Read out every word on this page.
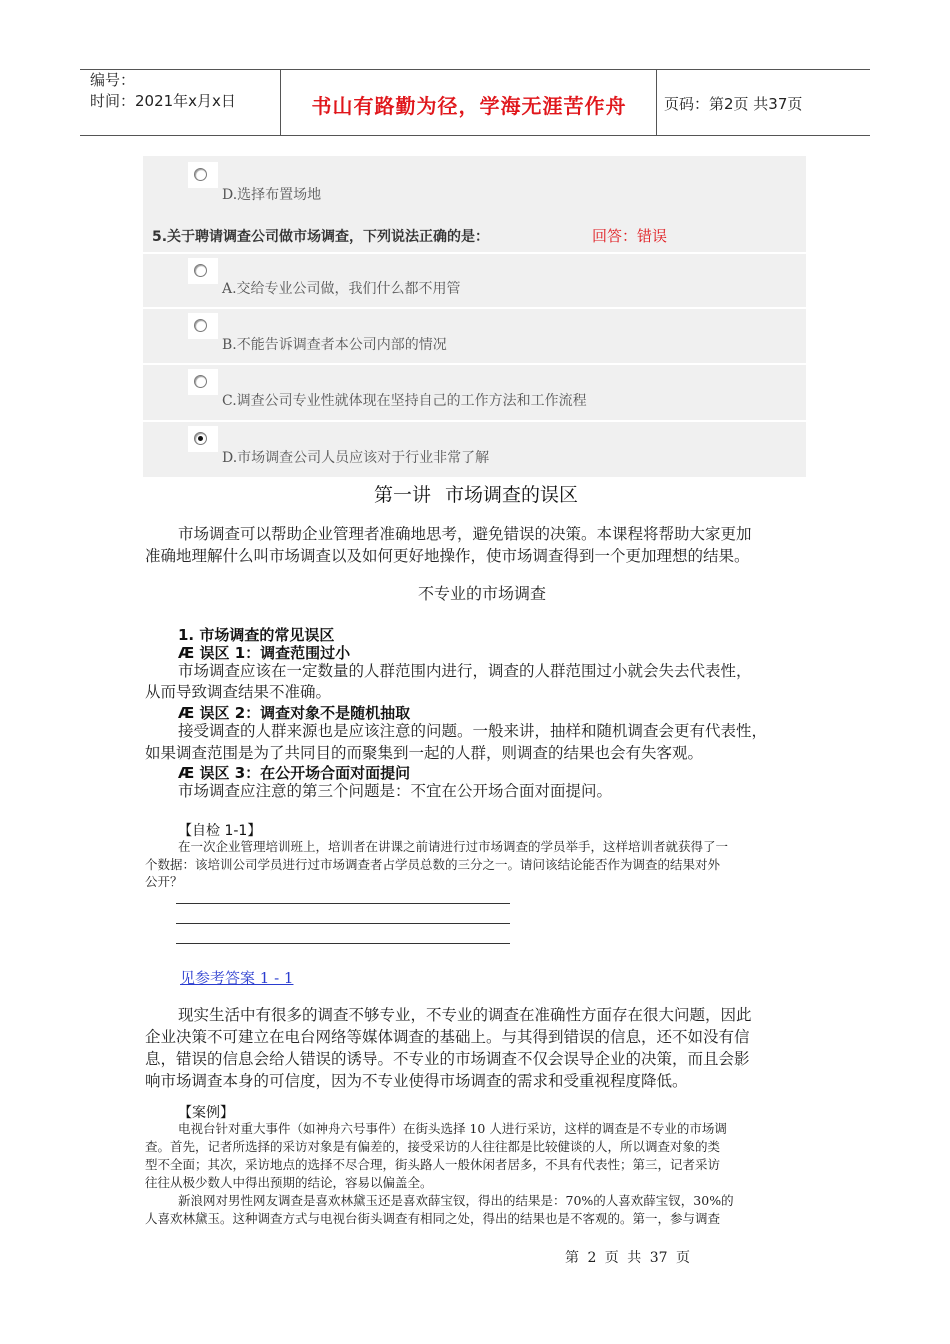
编号：
时间：2021年x月x日	书山有路勤为径，学海无涯苦作舟	页码：第2页 共37页
D.选择布置场地
5.关于聘请调查公司做市场调查，下列说法正确的是：	回答：错误
A.交给专业公司做，我们什么都不用管
B.不能告诉调查者本公司内部的情况
C.调查公司专业性就体现在坚持自己的工作方法和工作流程
D.市场调查公司人员应该对于行业非常了解
第一讲 市场调查的误区
市场调查可以帮助企业管理者准确地思考，避免错误的决策。本课程将帮助大家更加
准确地理解什么叫市场调查以及如何更好地操作，使市场调查得到一个更加理想的结果。
不专业的市场调查
1. 市场调查的常见误区
Æ 误区 1：调查范围过小
市场调查应该在一定数量的人群范围内进行，调查的人群范围过小就会失去代表性，
从而导致调查结果不准确。
Æ 误区 2：调查对象不是随机抽取
接受调查的人群来源也是应该注意的问题。一般来讲，抽样和随机调查会更有代表性，
如果调查范围是为了共同目的而聚集到一起的人群，则调查的结果也会有失客观。
Æ 误区 3：在公开场合面对面提问
市场调查应注意的第三个问题是：不宜在公开场合面对面提问。
【自检 1-1】
在一次企业管理培训班上，培训者在讲课之前请进行过市场调查的学员举手，这样培训者就获得了一
个数据：该培训公司学员进行过市场调查者占学员总数的三分之一。请问该结论能否作为调查的结果对外
公开？
见参考答案 1 - 1
现实生活中有很多的调查不够专业，不专业的调查在准确性方面存在很大问题，因此
企业决策不可建立在电台网络等媒体调查的基础上。与其得到错误的信息，还不如没有信
息，错误的信息会给人错误的诱导。不专业的市场调查不仅会误导企业的决策，而且会影
响市场调查本身的可信度，因为不专业使得市场调查的需求和受重视程度降低。
【案例】
电视台针对重大事件（如神舟六号事件）在街头选择 10 人进行采访，这样的调查是不专业的市场调
查。首先，记者所选择的采访对象是有偏差的，接受采访的人往往都是比较健谈的人，所以调查对象的类
型不全面；其次，采访地点的选择不尽合理，街头路人一般休闲者居多，不具有代表性；第三，记者采访
往往从极少数人中得出预期的结论，容易以偏盖全。
新浪网对男性网友调查是喜欢林黛玉还是喜欢薛宝钗，得出的结果是：70%的人喜欢薛宝钗，30%的
人喜欢林黛玉。这种调查方式与电视台街头调查有相同之处，得出的结果也是不客观的。第一，参与调查
第 2 页 共 37 页
